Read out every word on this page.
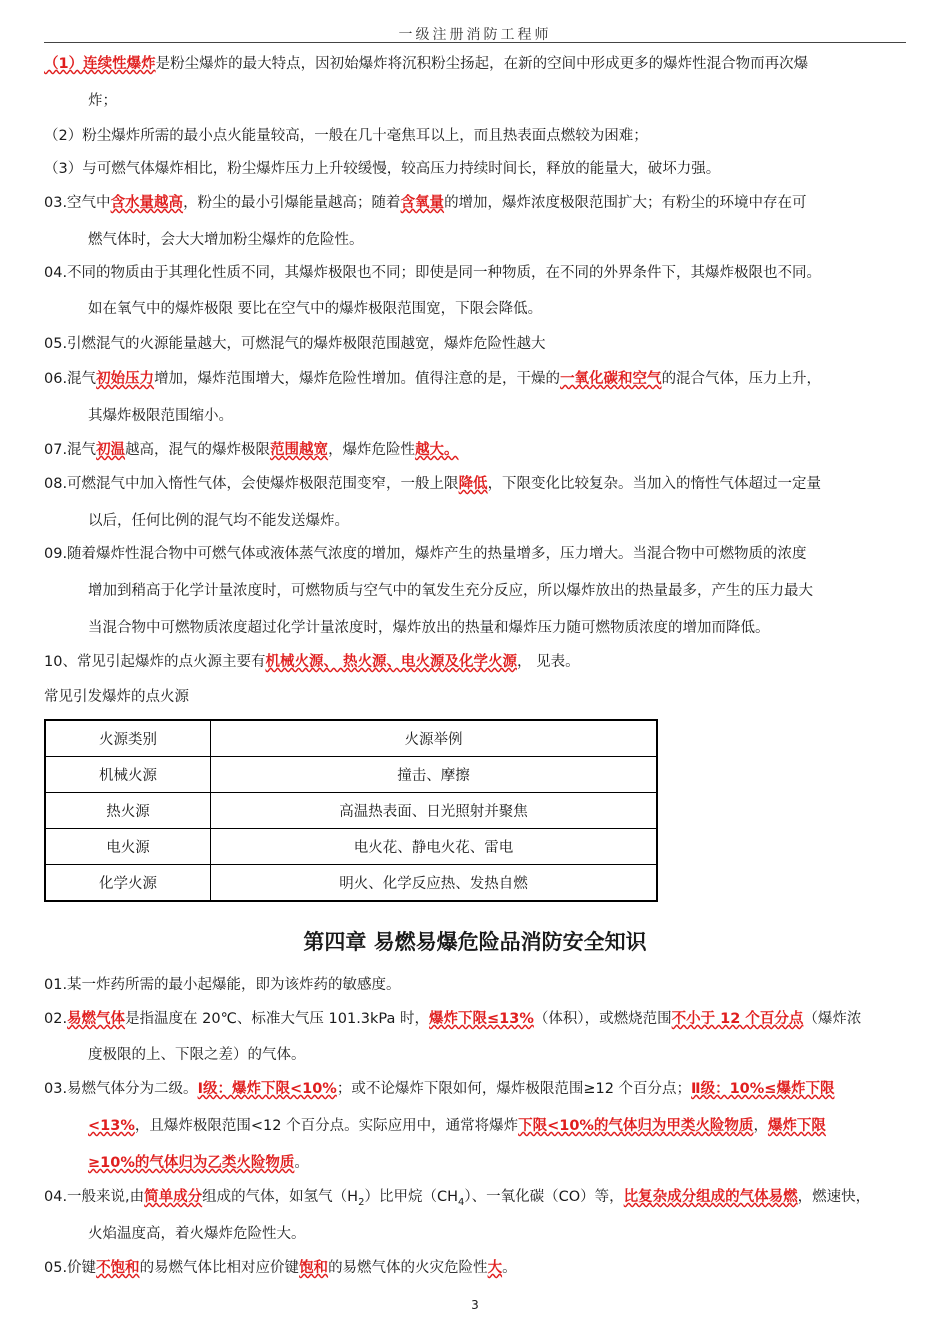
一级注册消防工程师
（1）连续性爆炸是粉尘爆炸的最大特点，因初始爆炸将沉积粉尘扬起，在新的空间中形成更多的爆炸性混合物而再次爆
炸；
（2）粉尘爆炸所需的最小点火能量较高，一般在几十毫焦耳以上，而且热表面点燃较为困难；
（3）与可燃气体爆炸相比，粉尘爆炸压力上升较缓慢，较高压力持续时间长，释放的能量大，破坏力强。
03.空气中含水量越高，粉尘的最小引爆能量越高；随着含氧量的增加，爆炸浓度极限范围扩大；有粉尘的环境中存在可
燃气体时，会大大增加粉尘爆炸的危险性。
04.不同的物质由于其理化性质不同，其爆炸极限也不同；即使是同一种物质，在不同的外界条件下，其爆炸极限也不同。
如在氧气中的爆炸极限 要比在空气中的爆炸极限范围宽，下限会降低。
05.引燃混气的火源能量越大，可燃混气的爆炸极限范围越宽，爆炸危险性越大
06.混气初始压力增加，爆炸范围增大，爆炸危险性增加。值得注意的是，干燥的一氧化碳和空气的混合气体，压力上升，
其爆炸极限范围缩小。
07.混气初温越高，混气的爆炸极限范围越宽，爆炸危险性越大。
08.可燃混气中加入惰性气体，会使爆炸极限范围变窄，一般上限降低，下限变化比较复杂。当加入的惰性气体超过一定量
以后，任何比例的混气均不能发送爆炸。
09.随着爆炸性混合物中可燃气体或液体蒸气浓度的增加，爆炸产生的热量增多，压力增大。当混合物中可燃物质的浓度
增加到稍高于化学计量浓度时，可燃物质与空气中的氧发生充分反应，所以爆炸放出的热量最多，产生的压力最大
当混合物中可燃物质浓度超过化学计量浓度时，爆炸放出的热量和爆炸压力随可燃物质浓度的增加而降低。
10、常见引起爆炸的点火源主要有机械火源、 热火源、电火源及化学火源， 见表。
常见引发爆炸的点火源
火源类别	火源举例
机械火源	撞击、摩擦
热火源	高温热表面、日光照射并聚焦
电火源	电火花、静电火花、雷电
化学火源	明火、化学反应热、发热自燃
第四章 易燃易爆危险品消防安全知识
01.某一炸药所需的最小起爆能，即为该炸药的敏感度。
02.易燃气体是指温度在 20℃、标准大气压 101.3kPa 时，爆炸下限≤13%（体积），或燃烧范围不小于 12 个百分点（爆炸浓
度极限的上、下限之差）的气体。
03.易燃气体分为二级。Ⅰ级：爆炸下限<10%；或不论爆炸下限如何，爆炸极限范围≥12 个百分点；Ⅱ级：10%≤爆炸下限
<13%，且爆炸极限范围<12 个百分点。实际应用中，通常将爆炸下限<10%的气体归为甲类火险物质，爆炸下限
≥10%的气体归为乙类火险物质。
04.一般来说,由简单成分组成的气体，如氢气$(H_2)$比甲烷$(CH_4)$、一氧化碳（CO）等，比复杂成分组成的气体易燃，燃速快，
火焰温度高，着火爆炸危险性大。
05.价键不饱和的易燃气体比相对应价键饱和的易燃气体的火灾危险性大。
3
